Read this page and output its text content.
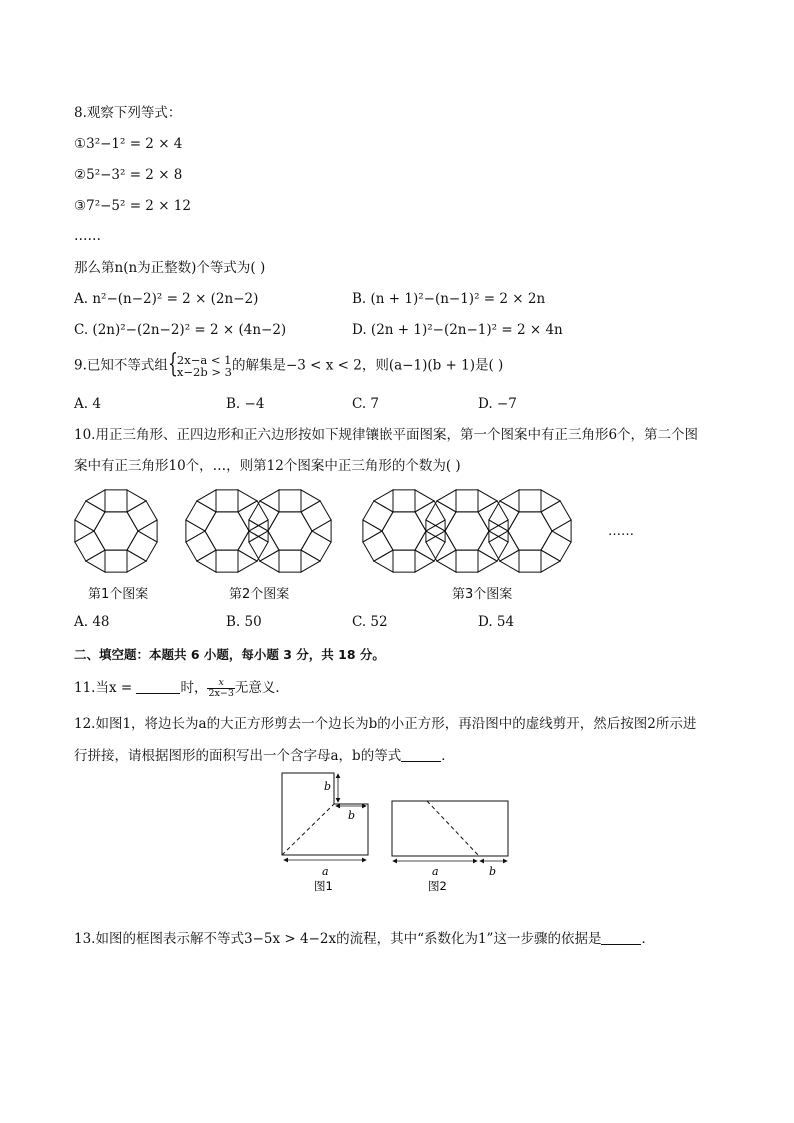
8.观察下列等式：
①3²−1² = 2 × 4
②5²−3² = 2 × 8
③7²−5² = 2 × 12
……
那么第n(n为正整数)个等式为( )
A. n²−(n−2)² = 2 × (2n−2)	B. (n + 1)²−(n−1)² = 2 × 2n
C. (2n)²−(2n−2)² = 2 × (4n−2)	D. (2n + 1)²−(2n−1)² = 2 × 4n
9.已知不等式组 { 2x−a < 1
x−2b > 3 的解集是−3 < x < 2，则(a−1)(b + 1)是( )
A. 4	B. −4	C. 7	D. −7
10.用正三角形、正四边形和正六边形按如下规律镶嵌平面图案，第一个图案中有正三角形6个，第二个图
案中有正三角形10个，…，则第12个图案中正三角形的个数为( )
第1个图案	第2个图案	第3个图案
……
A. 48	B. 50	C. 52	D. 54
二、填空题：本题共 6 小题，每小题 3 分，共 18 分。
11.当x =	时， $\frac{x}{2x-3}$ 无意义．
12.如图1，将边长为a的大正方形剪去一个边长为b的小正方形，再沿图中的虚线剪开，然后按图2所示进
行拼接，请根据图形的面积写出一个含字母a，b的等式	．
b
b
a
图1
a	b
图2
13.如图的框图表示解不等式3−5x > 4−2x的流程，其中“系数化为1”这一步骤的依据是	．
